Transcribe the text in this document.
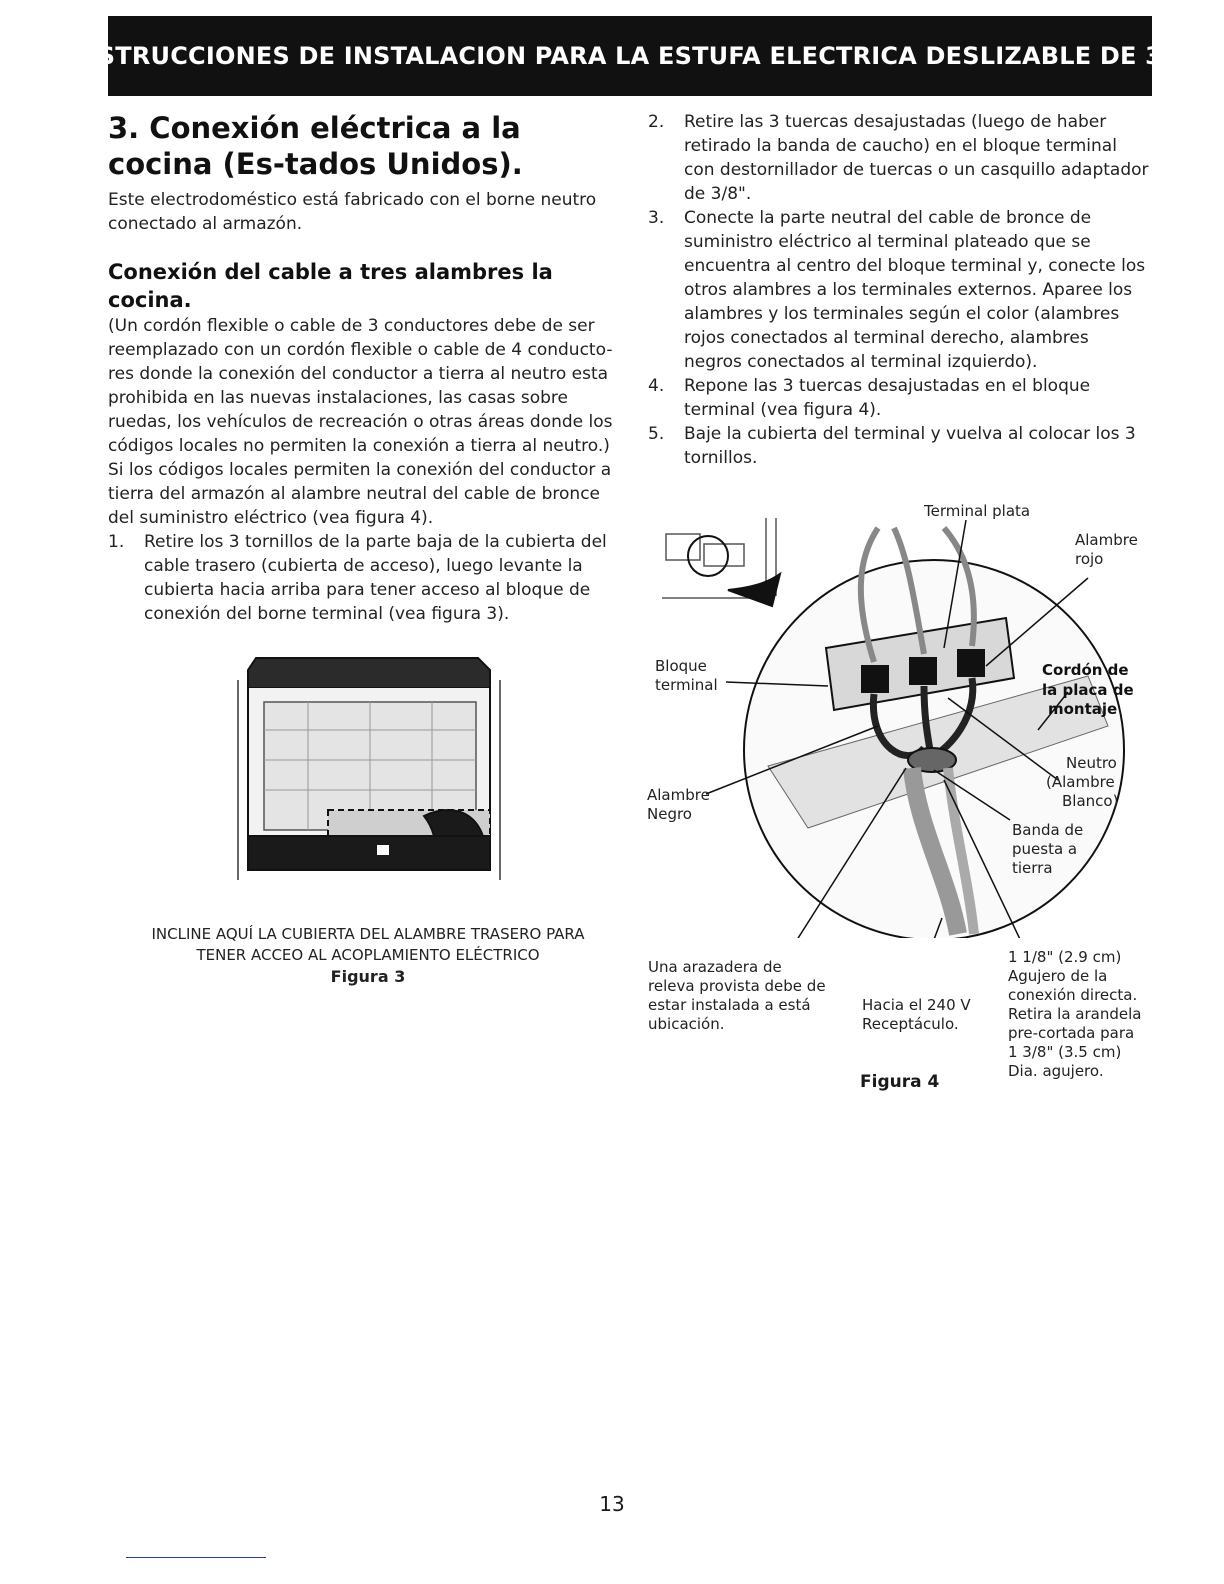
INSTRUCCIONES DE INSTALACION PARA LA ESTUFA ELECTRICA DESLIZABLE DE 30"
3. Conexión eléctrica a la cocina (Es-tados Unidos).

Este electrodoméstico está fabricado con el borne neutro conectado al armazón.

Conexión del cable a tres alambres la cocina.

(Un cordón flexible o cable de 3 conductores debe de ser reemplazado con un cordón flexible o cable de 4 conducto-res donde la conexión del conductor a tierra al neutro esta prohibida en las nuevas instalaciones, las casas sobre ruedas, los vehículos de recreación o otras áreas donde los códigos locales no permiten la conexión a tierra al neutro.) Si los códigos locales permiten la conexión del conductor a tierra del armazón al alambre neutral del cable de bronce del suministro eléctrico (vea figura 4).

1.	Retire los 3 tornillos de la parte baja de la cubierta del cable trasero (cubierta de acceso), luego levante la cubierta hacia arriba para tener acceso al bloque de conexión del borne terminal (vea figura 3).
2.	Retire las 3 tuercas desajustadas (luego de haber retirado la banda de caucho) en el bloque terminal con destornillador de tuercas o un casquillo adaptador de 3/8".
3.	Conecte la parte neutral del cable de bronce de suministro eléctrico al terminal plateado que se encuentra al centro del bloque terminal y, conecte los otros alambres a los terminales externos. Aparee los alambres y los terminales según el color (alambres rojos conectados al terminal derecho, alambres negros conectados al terminal izquierdo).
4.	Repone las 3 tuercas desajustadas en el bloque terminal (vea figura 4).
5.	Baje la cubierta del terminal y vuelva al colocar los 3 tornillos.
INCLINE AQUÍ LA CUBIERTA DEL ALAMBRE TRASERO PARA
TENER ACCEO AL ACOPLAMIENTO ELÉCTRICO
Figura 3
Terminal plata
Alambre
rojo
Bloque
terminal
Cordón de
la placa de
montaje
Neutro
(Alambre
Blanco)
Alambre
Negro
Banda de
puesta a
tierra
Una arazadera de
releva provista debe de
estar instalada a está
ubicación.
Hacia el 240 V
Receptáculo.
1 1/8" (2.9 cm)
Agujero de la
conexión directa.
Retira la arandela
pre-cortada para
1 3/8" (3.5 cm)
Dia. agujero.
Figura 4
13
